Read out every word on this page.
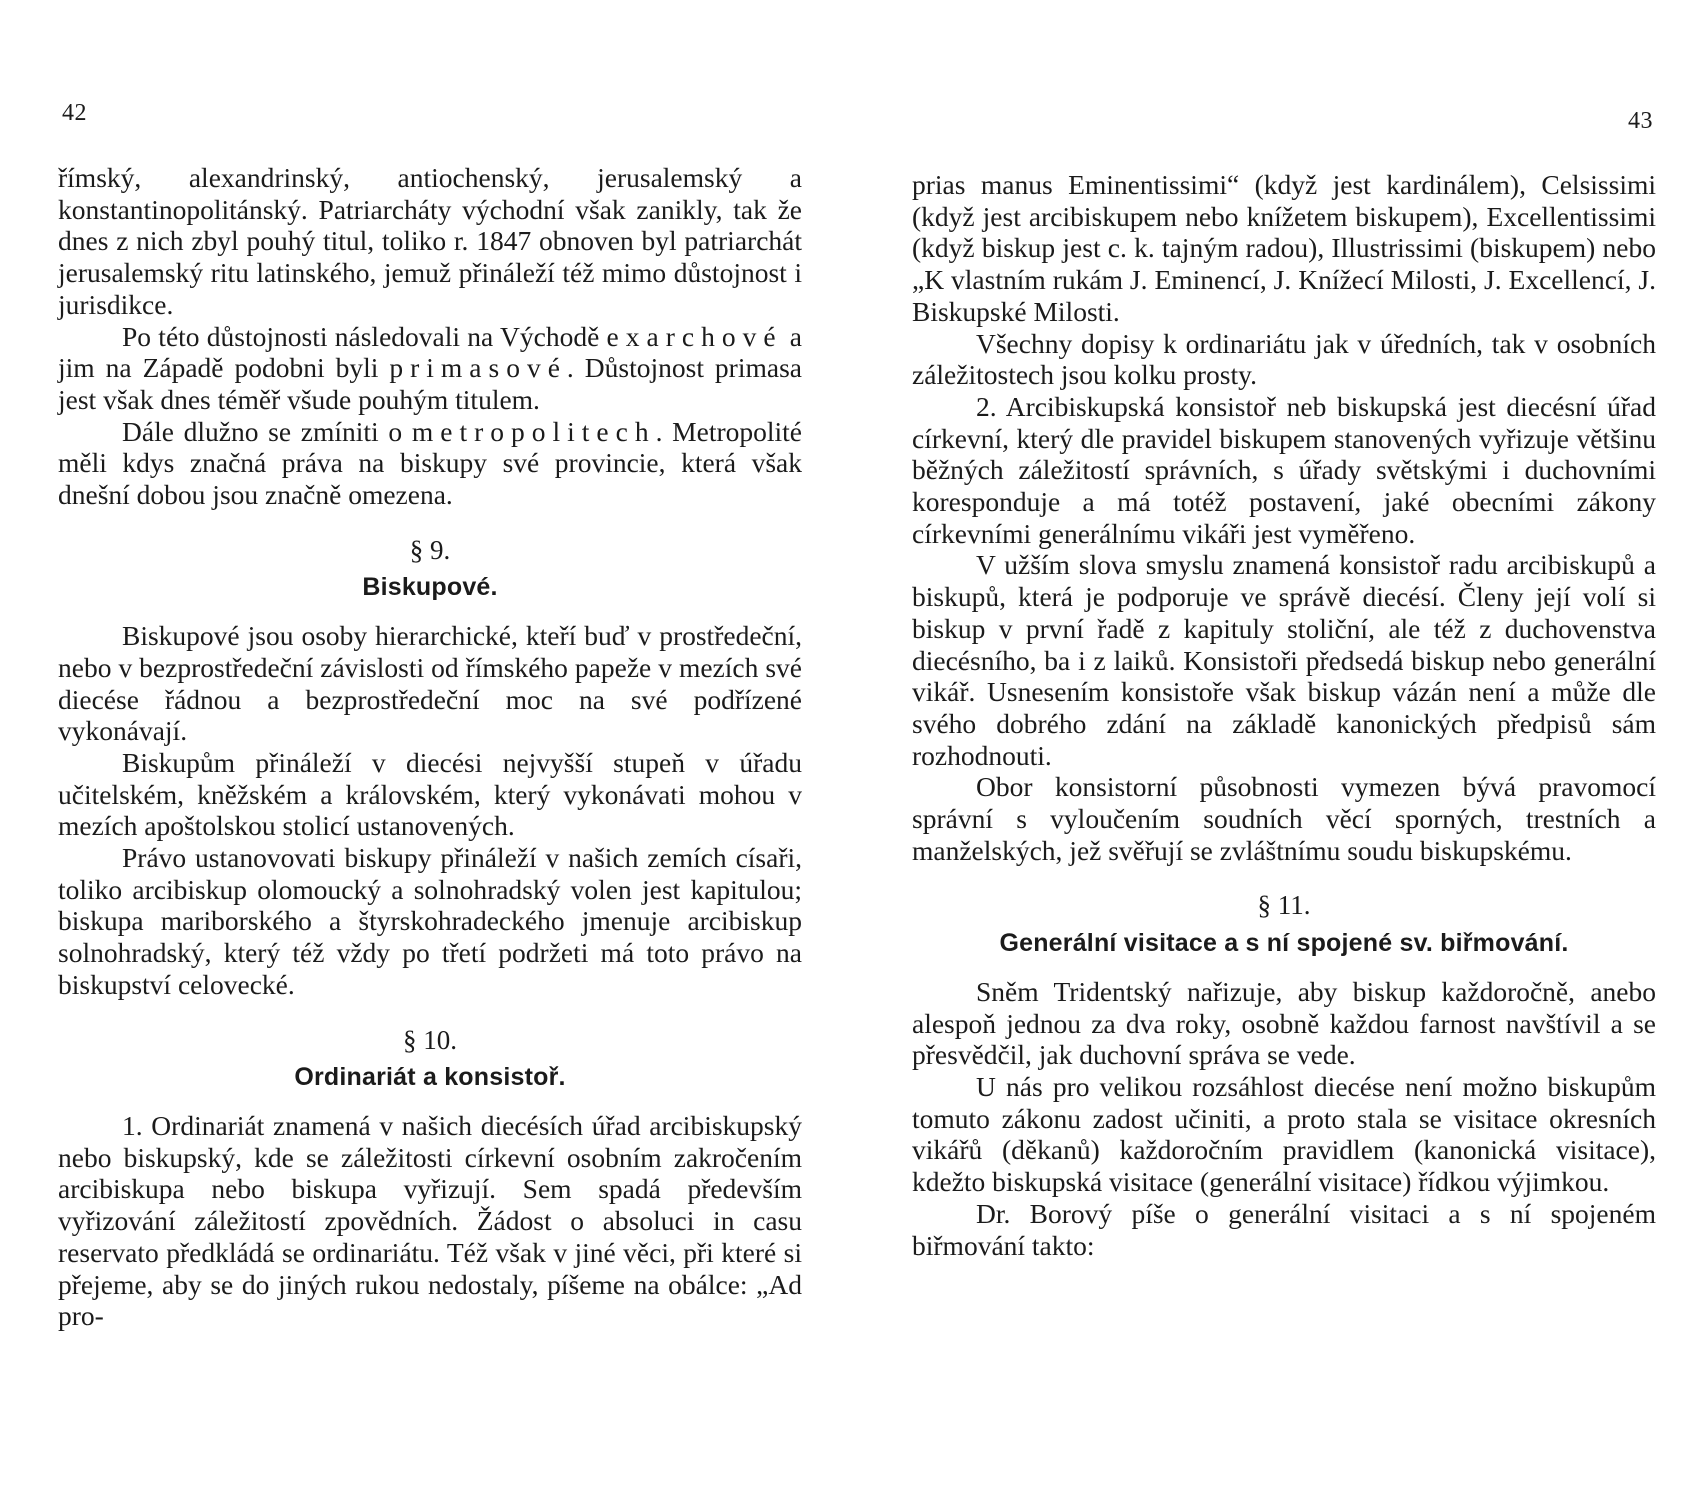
42

římský, alexandrinský, antiochenský, jerusalemský a konstantinopolitánský. Patriarcháty východní však zanikly, tak že dnes z nich zbyl pouhý titul, toliko r. 1847 obnoven byl patriarchát jerusalemský ritu latinského, jemuž přináleží též mimo důstojnost i jurisdikce.

Po této důstojnosti následovali na Východě exarchové a jim na Západě podobni byli primasové. Důstojnost primasa jest však dnes téměř všude pouhým titulem.

Dále dlužno se zmíniti o metropolitech. Metropolité měli kdys značná práva na biskupy své provincie, která však dnešní dobou jsou značně omezena.

§ 9.
Biskupové.

Biskupové jsou osoby hierarchické, kteří buď v prostředeční, nebo v bezprostředeční závislosti od římského papeže v mezích své diecése řádnou a bezprostředeční moc na své podřízené vykonávají.

Biskupům přináleží v diecési nejvyšší stupeň v úřadu učitelském, kněžském a královském, který vykonávati mohou v mezích apoštolskou stolicí ustanovených.

Právo ustanovovati biskupy přináleží v našich zemích císaři, toliko arcibiskup olomoucký a solnohradský volen jest kapitulou; biskupa mariborského a štyrskohradeckého jmenuje arcibiskup solnohradský, který též vždy po třetí podržeti má toto právo na biskupství celovecké.

§ 10.
Ordinariát a konsistoř.

1. Ordinariát znamená v našich diecésích úřad arcibiskupský nebo biskupský, kde se záležitosti církevní osobním zakročením arcibiskupa nebo biskupa vyřizují. Sem spadá především vyřizování záležitostí zpovědních. Žádost o absoluci in casu reservato předkládá se ordinariátu. Též však v jiné věci, při které si přejeme, aby se do jiných rukou nedostaly, píšeme na obálce: „Ad pro-

43

prias manus Eminentissimi“ (když jest kardinálem), Celsissimi (když jest arcibiskupem nebo knížetem biskupem), Excellentissimi (když biskup jest c. k. tajným radou), Illustrissimi (biskupem) nebo „K vlastním rukám J. Eminencí, J. Knížecí Milosti, J. Excellencí, J. Biskupské Milosti.

Všechny dopisy k ordinariátu jak v úředních, tak v osobních záležitostech jsou kolku prosty.

2. Arcibiskupská konsistoř neb biskupská jest diecésní úřad církevní, který dle pravidel biskupem stanovených vyřizuje většinu běžných záležitostí správních, s úřady světskými i duchovními koresponduje a má totéž postavení, jaké obecními zákony církevními generálnímu vikáři jest vyměřeno.

V užším slova smyslu znamená konsistoř radu arcibiskupů a biskupů, která je podporuje ve správě diecésí. Členy její volí si biskup v první řadě z kapituly stoliční, ale též z duchovenstva diecésního, ba i z laiků. Konsistoři předsedá biskup nebo generální vikář. Usnesením konsistoře však biskup vázán není a může dle svého dobrého zdání na základě kanonických předpisů sám rozhodnouti.

Obor konsistorní působnosti vymezen bývá pravomocí správní s vyloučením soudních věcí sporných, trestních a manželských, jež svěřují se zvláštnímu soudu biskupskému.

§ 11.
Generální visitace a s ní spojené sv. biřmování.

Sněm Tridentský nařizuje, aby biskup každoročně, anebo alespoň jednou za dva roky, osobně každou farnost navštívil a se přesvědčil, jak duchovní správa se vede.

U nás pro velikou rozsáhlost diecése není možno biskupům tomuto zákonu zadost učiniti, a proto stala se visitace okresních vikářů (děkanů) každoročním pravidlem (kanonická visitace), kdežto biskupská visitace (generální visitace) řídkou výjimkou.

Dr. Borový píše o generální visitaci a s ní spojeném biřmování takto:
